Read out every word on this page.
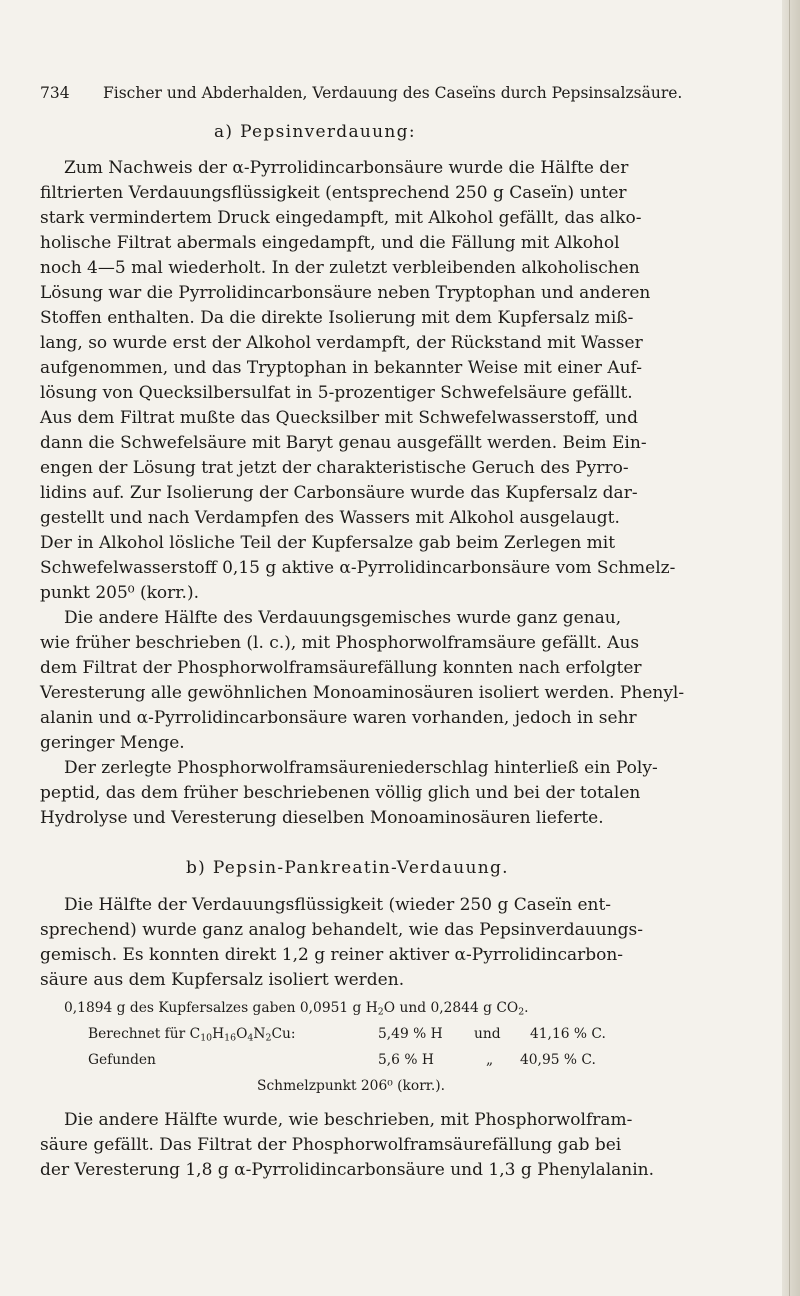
734 Fischer und Abderhalden, Verdauung des Caseïns durch Pepsinsalzsäure.
a) Pepsinverdauung:
Zum Nachweis der α-Pyrrolidincarbonsäure wurde die Hälfte der
filtrierten Verdauungsflüssigkeit (entsprechend 250 g Caseïn) unter
stark vermindertem Druck eingedampft, mit Alkohol gefällt, das alko-
holische Filtrat abermals eingedampft, und die Fällung mit Alkohol
noch 4—5 mal wiederholt. In der zuletzt verbleibenden alkoholischen
Lösung war die Pyrrolidincarbonsäure neben Tryptophan und anderen
Stoffen enthalten. Da die direkte Isolierung mit dem Kupfersalz miß-
lang, so wurde erst der Alkohol verdampft, der Rückstand mit Wasser
aufgenommen, und das Tryptophan in bekannter Weise mit einer Auf-
lösung von Quecksilbersulfat in 5-prozentiger Schwefelsäure gefällt.
Aus dem Filtrat mußte das Quecksilber mit Schwefelwasserstoff, und
dann die Schwefelsäure mit Baryt genau ausgefällt werden. Beim Ein-
engen der Lösung trat jetzt der charakteristische Geruch des Pyrro-
lidins auf. Zur Isolierung der Carbonsäure wurde das Kupfersalz dar-
gestellt und nach Verdampfen des Wassers mit Alkohol ausgelaugt.
Der in Alkohol lösliche Teil der Kupfersalze gab beim Zerlegen mit
Schwefelwasserstoff 0,15 g aktive α-Pyrrolidincarbonsäure vom Schmelz-
punkt 205⁰ (korr.).
Die andere Hälfte des Verdauungsgemisches wurde ganz genau,
wie früher beschrieben (l. c.), mit Phosphorwolframsäure gefällt. Aus
dem Filtrat der Phosphorwolframsäurefällung konnten nach erfolgter
Veresterung alle gewöhnlichen Monoaminosäuren isoliert werden. Phenyl-
alanin und α-Pyrrolidincarbonsäure waren vorhanden, jedoch in sehr
geringer Menge.
Der zerlegte Phosphorwolframsäureniederschlag hinterließ ein Poly-
peptid, das dem früher beschriebenen völlig glich und bei der totalen
Hydrolyse und Veresterung dieselben Monoaminosäuren lieferte.
b) Pepsin-Pankreatin-Verdauung.
Die Hälfte der Verdauungsflüssigkeit (wieder 250 g Caseïn ent-
sprechend) wurde ganz analog behandelt, wie das Pepsinverdauungs-
gemisch. Es konnten direkt 1,2 g reiner aktiver α-Pyrrolidincarbon-
säure aus dem Kupfersalz isoliert werden.
0,1894 g des Kupfersalzes gaben 0,0951 g $H_2O$ und 0,2844 g $CO_2$.
Berechnet für $C_{10}H_{16}O_4N_2Cu$:	5,49 % H und 41,16 % C.
Gefunden	5,6 % H	„ 40,95 % C.
Schmelzpunkt 206⁰ (korr.).
Die andere Hälfte wurde, wie beschrieben, mit Phosphorwolfram-
säure gefällt. Das Filtrat der Phosphorwolframsäurefällung gab bei
der Veresterung 1,8 g α-Pyrrolidincarbonsäure und 1,3 g Phenylalanin.
